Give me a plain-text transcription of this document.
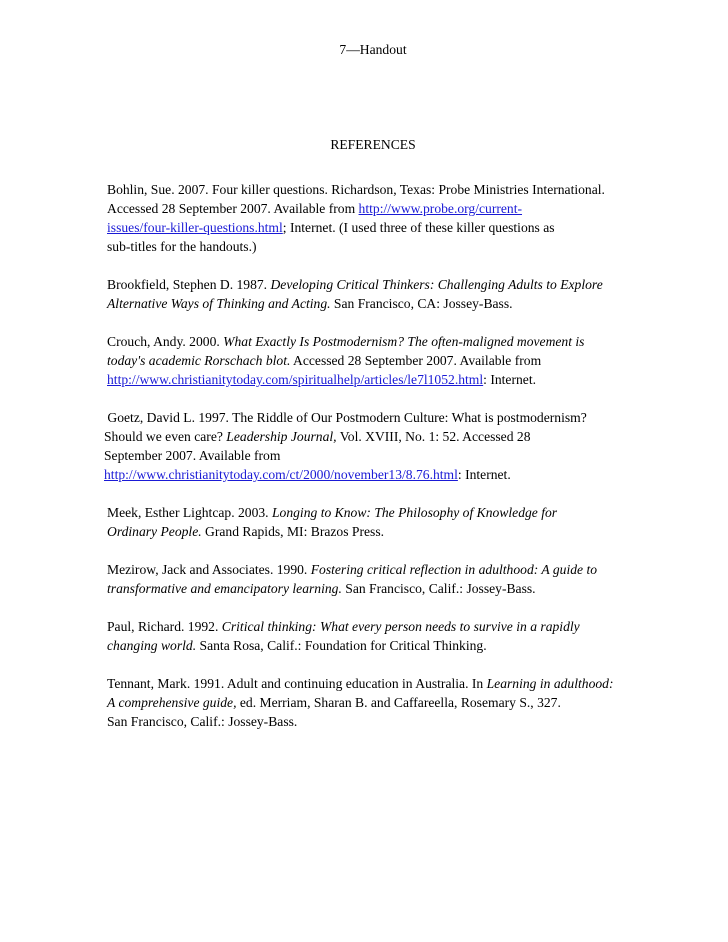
7—Handout
REFERENCES
Bohlin, Sue. 2007. Four killer questions. Richardson, Texas: Probe Ministries International.
Accessed 28 September 2007. Available from http://www.probe.org/current-
issues/four-killer-questions.html; Internet. (I used three of these killer questions as
sub-titles for the handouts.)
Brookfield, Stephen D. 1987. Developing Critical Thinkers: Challenging Adults to Explore
Alternative Ways of Thinking and Acting. San Francisco, CA: Jossey-Bass.
Crouch, Andy. 2000. What Exactly Is Postmodernism? The often-maligned movement is
today's academic Rorschach blot. Accessed 28 September 2007. Available from
http://www.christianitytoday.com/spiritualhelp/articles/le7l1052.html: Internet.
Goetz, David L. 1997. The Riddle of Our Postmodern Culture: What is postmodernism?
Should we even care? Leadership Journal, Vol. XVIII, No. 1: 52. Accessed 28
September 2007. Available from
http://www.christianitytoday.com/ct/2000/november13/8.76.html: Internet.
Meek, Esther Lightcap. 2003. Longing to Know: The Philosophy of Knowledge for
Ordinary People. Grand Rapids, MI: Brazos Press.
Mezirow, Jack and Associates. 1990. Fostering critical reflection in adulthood: A guide to
transformative and emancipatory learning. San Francisco, Calif.: Jossey-Bass.
Paul, Richard. 1992. Critical thinking: What every person needs to survive in a rapidly
changing world. Santa Rosa, Calif.: Foundation for Critical Thinking.
Tennant, Mark. 1991. Adult and continuing education in Australia. In Learning in adulthood:
A comprehensive guide, ed. Merriam, Sharan B. and Caffareella, Rosemary S., 327.
San Francisco, Calif.: Jossey-Bass.
